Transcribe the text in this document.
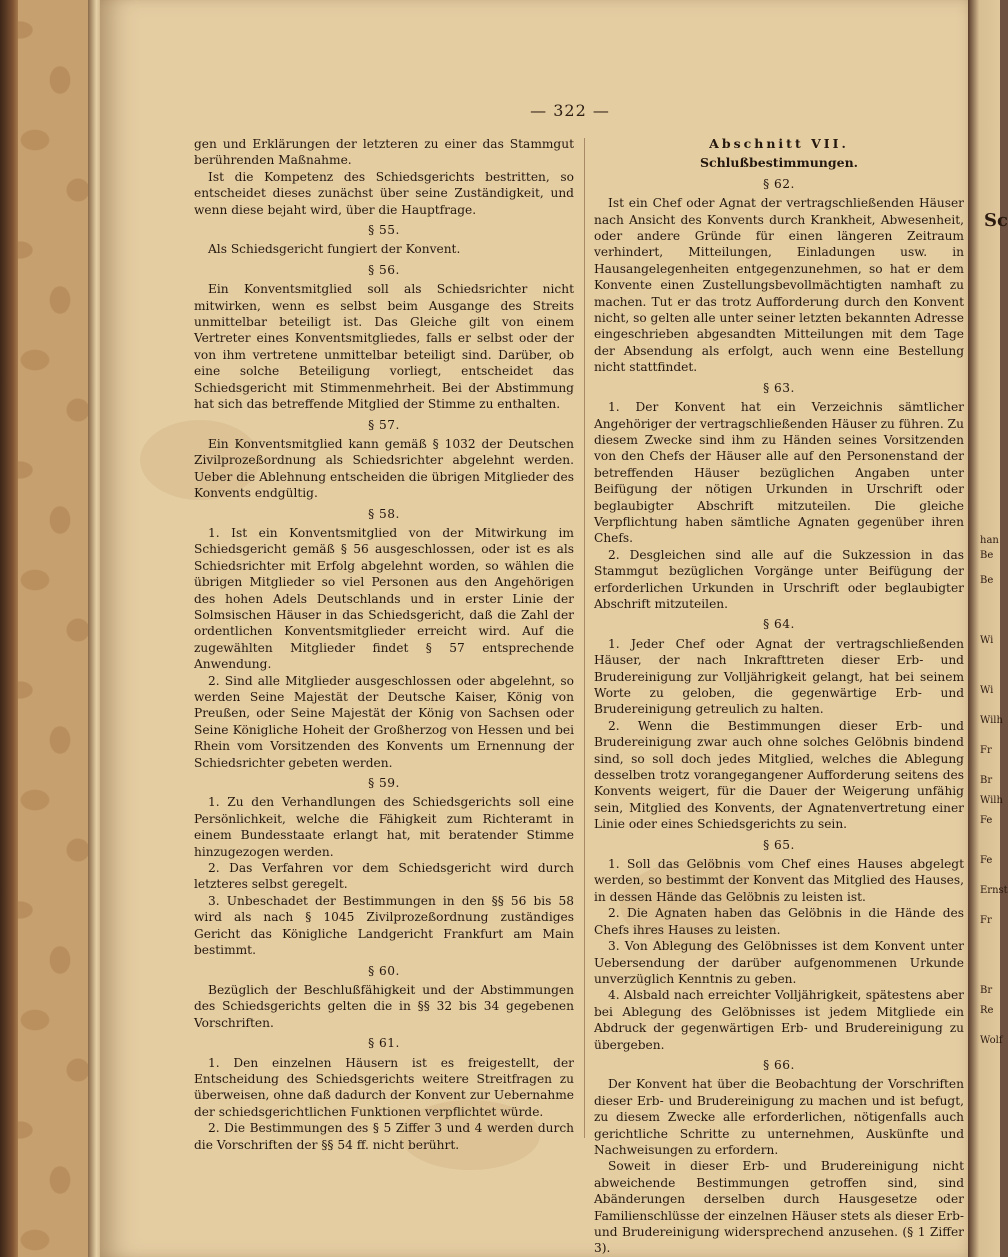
— 322 —

gen und Erklärungen der letzteren zu einer das Stammgut berührenden Maßnahme.

Ist die Kompetenz des Schiedsgerichts bestritten, so entscheidet dieses zunächst über seine Zuständigkeit, und wenn diese bejaht wird, über die Hauptfrage.

§ 55.

Als Schiedsgericht fungiert der Konvent.

§ 56.

Ein Konventsmitglied soll als Schiedsrichter nicht mitwirken, wenn es selbst beim Ausgange des Streits unmittelbar beteiligt ist. Das Gleiche gilt von einem Vertreter eines Konventsmitgliedes, falls er selbst oder der von ihm vertretene unmittelbar beteiligt sind. Darüber, ob eine solche Beteiligung vorliegt, entscheidet das Schiedsgericht mit Stimmenmehrheit. Bei der Abstimmung hat sich das betreffende Mitglied der Stimme zu enthalten.

§ 57.

Ein Konventsmitglied kann gemäß § 1032 der Deutschen Zivilprozeßordnung als Schiedsrichter abgelehnt werden. Ueber die Ablehnung entscheiden die übrigen Mitglieder des Konvents endgültig.

§ 58.

1. Ist ein Konventsmitglied von der Mitwirkung im Schiedsgericht gemäß § 56 ausgeschlossen, oder ist es als Schiedsrichter mit Erfolg abgelehnt worden, so wählen die übrigen Mitglieder so viel Personen aus den Angehörigen des hohen Adels Deutschlands und in erster Linie der Solmsischen Häuser in das Schiedsgericht, daß die Zahl der ordentlichen Konventsmitglieder erreicht wird. Auf die zugewählten Mitglieder findet § 57 entsprechende Anwendung.

2. Sind alle Mitglieder ausgeschlossen oder abgelehnt, so werden Seine Majestät der Deutsche Kaiser, König von Preußen, oder Seine Majestät der König von Sachsen oder Seine Königliche Hoheit der Großherzog von Hessen und bei Rhein vom Vorsitzenden des Konvents um Ernennung der Schiedsrichter gebeten werden.

§ 59.

1. Zu den Verhandlungen des Schiedsgerichts soll eine Persönlichkeit, welche die Fähigkeit zum Richteramt in einem Bundesstaate erlangt hat, mit beratender Stimme hinzugezogen werden.

2. Das Verfahren vor dem Schiedsgericht wird durch letzteres selbst geregelt.

3. Unbeschadet der Bestimmungen in den §§ 56 bis 58 wird als nach § 1045 Zivilprozeßordnung zuständiges Gericht das Königliche Landgericht Frankfurt am Main bestimmt.

§ 60.

Bezüglich der Beschlußfähigkeit und der Abstimmungen des Schiedsgerichts gelten die in §§ 32 bis 34 gegebenen Vorschriften.

§ 61.

1. Den einzelnen Häusern ist es freigestellt, der Entscheidung des Schiedsgerichts weitere Streitfragen zu überweisen, ohne daß dadurch der Konvent zur Uebernahme der schiedsgerichtlichen Funktionen verpflichtet würde.

2. Die Bestimmungen des § 5 Ziffer 3 und 4 werden durch die Vorschriften der §§ 54 ff. nicht berührt.

Abschnitt VII.
Schlußbestimmungen.
§ 62.

Ist ein Chef oder Agnat der vertragschließenden Häuser nach Ansicht des Konvents durch Krankheit, Abwesenheit, oder andere Gründe für einen längeren Zeitraum verhindert, Mitteilungen, Einladungen usw. in Hausangelegenheiten entgegenzunehmen, so hat er dem Konvente einen Zustellungsbevollmächtigten namhaft zu machen. Tut er das trotz Aufforderung durch den Konvent nicht, so gelten alle unter seiner letzten bekannten Adresse eingeschrieben abgesandten Mitteilungen mit dem Tage der Absendung als erfolgt, auch wenn eine Bestellung nicht stattfindet.

§ 63.

1. Der Konvent hat ein Verzeichnis sämtlicher Angehöriger der vertragschließenden Häuser zu führen. Zu diesem Zwecke sind ihm zu Händen seines Vorsitzenden von den Chefs der Häuser alle auf den Personenstand der betreffenden Häuser bezüglichen Angaben unter Beifügung der nötigen Urkunden in Urschrift oder beglaubigter Abschrift mitzuteilen. Die gleiche Verpflichtung haben sämtliche Agnaten gegenüber ihren Chefs.

2. Desgleichen sind alle auf die Sukzession in das Stammgut bezüglichen Vorgänge unter Beifügung der erforderlichen Urkunden in Urschrift oder beglaubigter Abschrift mitzuteilen.

§ 64.

1. Jeder Chef oder Agnat der vertragschließenden Häuser, der nach Inkrafttreten dieser Erb- und Brudereinigung zur Volljährigkeit gelangt, hat bei seinem Worte zu geloben, die gegenwärtige Erb- und Brudereinigung getreulich zu halten.

2. Wenn die Bestimmungen dieser Erb- und Brudereinigung zwar auch ohne solches Gelöbnis bindend sind, so soll doch jedes Mitglied, welches die Ablegung desselben trotz vorangegangener Aufforderung seitens des Konvents weigert, für die Dauer der Weigerung unfähig sein, Mitglied des Konvents, der Agnatenvertretung einer Linie oder eines Schiedsgerichts zu sein.

§ 65.

1. Soll das Gelöbnis vom Chef eines Hauses abgelegt werden, so bestimmt der Konvent das Mitglied des Hauses, in dessen Hände das Gelöbnis zu leisten ist.

2. Die Agnaten haben das Gelöbnis in die Hände des Chefs ihres Hauses zu leisten.

3. Von Ablegung des Gelöbnisses ist dem Konvent unter Uebersendung der darüber aufgenommenen Urkunde unverzüglich Kenntnis zu geben.

4. Alsbald nach erreichter Volljährigkeit, spätestens aber bei Ablegung des Gelöbnisses ist jedem Mitgliede ein Abdruck der gegenwärtigen Erb- und Brudereinigung zu übergeben.

§ 66.

Der Konvent hat über die Beobachtung der Vorschriften dieser Erb- und Brudereinigung zu machen und ist befugt, zu diesem Zwecke alle erforderlichen, nötigenfalls auch gerichtliche Schritte zu unternehmen, Auskünfte und Nachweisungen zu erfordern.

Soweit in dieser Erb- und Brudereinigung nicht abweichende Bestimmungen getroffen sind, sind Abänderungen derselben durch Hausgesetze oder Familienschlüsse der einzelnen Häuser stets als dieser Erb- und Brudereinigung widersprechend anzusehen. (§ 1 Ziffer 3).

Sc
han
Be
Be
Wi
Wi
Wilh
Fr
Br
Wilh
Fe
Fe
Ernst
Fr
Br
Re
Wolf
